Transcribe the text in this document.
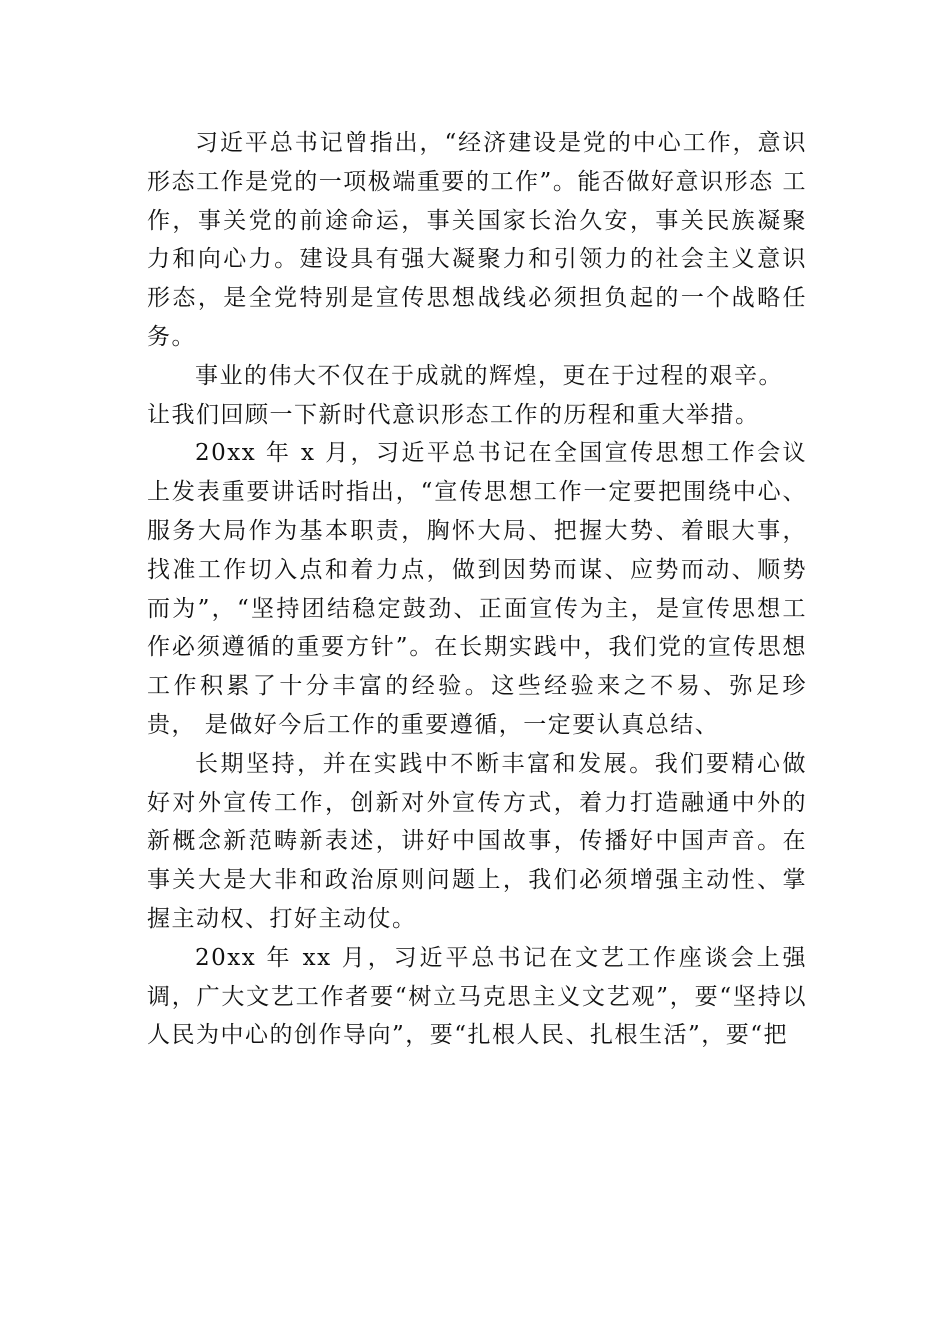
习近平总书记曾指出，“经济建设是党的中心工作，意识形态工作是党的一项极端重要的工作”。能否做好意识形态 工作，事关党的前途命运，事关国家长治久安，事关民族凝聚力和向心力。建设具有强大凝聚力和引领力的社会主义意识形态，是全党特别是宣传思想战线必须担负起的一个战略任务。

事业的伟大不仅在于成就的辉煌，更在于过程的艰辛。

让我们回顾一下新时代意识形态工作的历程和重大举措。

20xx 年 x 月，习近平总书记在全国宣传思想工作会议上发表重要讲话时指出，“宣传思想工作一定要把围绕中心、服务大局作为基本职责，胸怀大局、把握大势、着眼大事，找准工作切入点和着力点，做到因势而谋、应势而动、顺势而为”，“坚持团结稳定鼓劲、正面宣传为主，是宣传思想工作必须遵循的重要方针”。在长期实践中，我们党的宣传思想工作积累了十分丰富的经验。这些经验来之不易、弥足珍贵， 是做好今后工作的重要遵循，一定要认真总结、

长期坚持，并在实践中不断丰富和发展。我们要精心做好对外宣传工作，创新对外宣传方式，着力打造融通中外的新概念新范畴新表述，讲好中国故事，传播好中国声音。在事关大是大非和政治原则问题上，我们必须增强主动性、掌握主动权、打好主动仗。

20xx 年 xx 月，习近平总书记在文艺工作座谈会上强调，广大文艺工作者要“树立马克思主义文艺观”，要“坚持以人民为中心的创作导向”，要“扎根人民、扎根生活”，要“把
